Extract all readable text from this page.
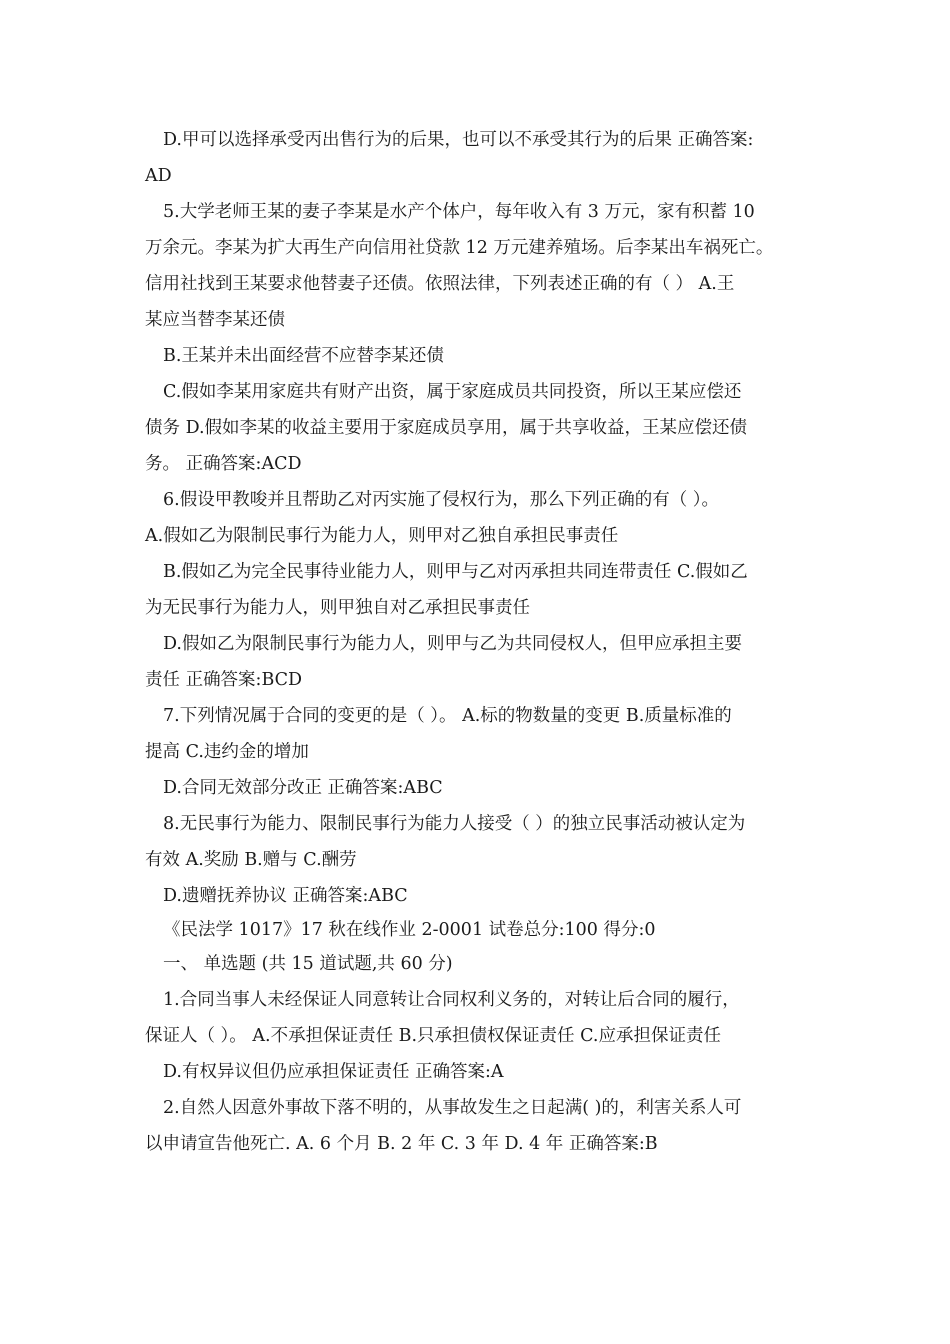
D.甲可以选择承受丙出售行为的后果，也可以不承受其行为的后果 正确答案:
AD
5.大学老师王某的妻子李某是水产个体户，每年收入有 3 万元，家有积蓄 10
万余元。李某为扩大再生产向信用社贷款 12 万元建养殖场。后李某出车祸死亡。
信用社找到王某要求他替妻子还债。依照法律，下列表述正确的有（ ） A.王
某应当替李某还债
B.王某并未出面经营不应替李某还债
C.假如李某用家庭共有财产出资，属于家庭成员共同投资，所以王某应偿还
债务 D.假如李某的收益主要用于家庭成员享用，属于共享收益，王某应偿还债
务。 正确答案:ACD
6.假设甲教唆并且帮助乙对丙实施了侵权行为，那么下列正确的有（ ）。
A.假如乙为限制民事行为能力人，则甲对乙独自承担民事责任
B.假如乙为完全民事待业能力人，则甲与乙对丙承担共同连带责任 C.假如乙
为无民事行为能力人，则甲独自对乙承担民事责任
D.假如乙为限制民事行为能力人，则甲与乙为共同侵权人，但甲应承担主要
责任 正确答案:BCD
7.下列情况属于合同的变更的是（ ）。 A.标的物数量的变更 B.质量标准的
提高 C.违约金的增加
D.合同无效部分改正 正确答案:ABC
8.无民事行为能力、限制民事行为能力人接受（ ）的独立民事活动被认定为
有效 A.奖励 B.赠与 C.酬劳
D.遗赠抚养协议 正确答案:ABC
《民法学 1017》17 秋在线作业 2-0001 试卷总分:100 得分:0
一、 单选题 (共 15 道试题,共 60 分)
1.合同当事人未经保证人同意转让合同权利义务的，对转让后合同的履行，
保证人（ ）。 A.不承担保证责任 B.只承担债权保证责任 C.应承担保证责任
D.有权异议但仍应承担保证责任 正确答案:A
2.自然人因意外事故下落不明的，从事故发生之日起满( )的，利害关系人可
以申请宣告他死亡. A. 6 个月 B. 2 年 C. 3 年 D. 4 年 正确答案:B
